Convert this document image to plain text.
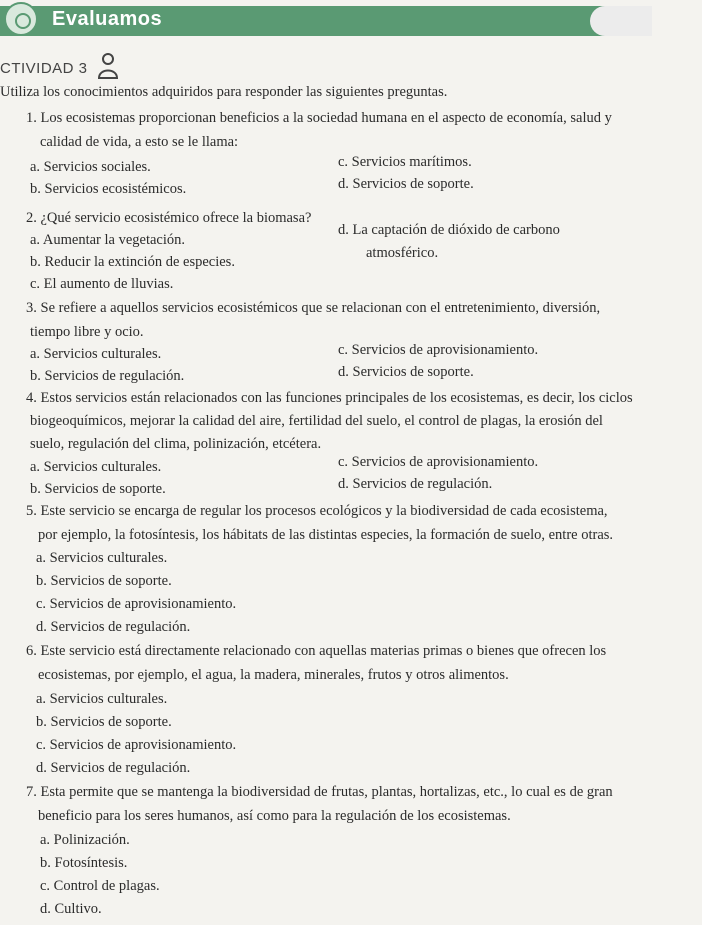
Evaluamos
CTIVIDAD 3
Utiliza los conocimientos adquiridos para responder las siguientes preguntas.
1. Los ecosistemas proporcionan beneficios a la sociedad humana en el aspecto de economía, salud y
calidad de vida, a esto se le llama:
a. Servicios sociales.
b. Servicios ecosistémicos.
c. Servicios marítimos.
d. Servicios de soporte.
2. ¿Qué servicio ecosistémico ofrece la biomasa?
a. Aumentar la vegetación.
b. Reducir la extinción de especies.
c. El aumento de lluvias.
d. La captación de dióxido de carbono
atmosférico.
3. Se refiere a aquellos servicios ecosistémicos que se relacionan con el entretenimiento, diversión,
tiempo libre y ocio.
a. Servicios culturales.
b. Servicios de regulación.
c. Servicios de aprovisionamiento.
d. Servicios de soporte.
4. Estos servicios están relacionados con las funciones principales de los ecosistemas, es decir, los ciclos
biogeoquímicos, mejorar la calidad del aire, fertilidad del suelo, el control de plagas, la erosión del
suelo, regulación del clima, polinización, etcétera.
a. Servicios culturales.
b. Servicios de soporte.
c. Servicios de aprovisionamiento.
d. Servicios de regulación.
5. Este servicio se encarga de regular los procesos ecológicos y la biodiversidad de cada ecosistema,
por ejemplo, la fotosíntesis, los hábitats de las distintas especies, la formación de suelo, entre otras.
a. Servicios culturales.
b. Servicios de soporte.
c. Servicios de aprovisionamiento.
d. Servicios de regulación.
6. Este servicio está directamente relacionado con aquellas materias primas o bienes que ofrecen los
ecosistemas, por ejemplo, el agua, la madera, minerales, frutos y otros alimentos.
a. Servicios culturales.
b. Servicios de soporte.
c. Servicios de aprovisionamiento.
d. Servicios de regulación.
7. Esta permite que se mantenga la biodiversidad de frutas, plantas, hortalizas, etc., lo cual es de gran
beneficio para los seres humanos, así como para la regulación de los ecosistemas.
a. Polinización.
b. Fotosíntesis.
c. Control de plagas.
d. Cultivo.
